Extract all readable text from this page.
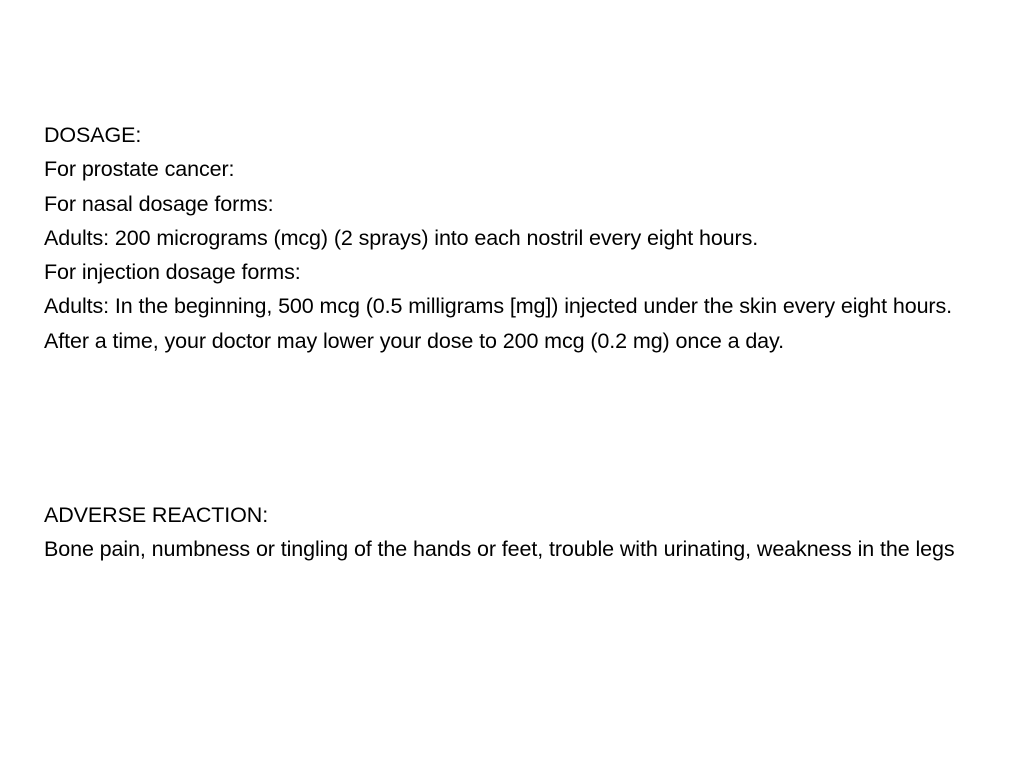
DOSAGE:
For prostate cancer:
For nasal dosage forms:
Adults: 200 micrograms (mcg) (2 sprays) into each nostril every eight hours.
For injection dosage forms:
Adults: In the beginning, 500 mcg (0.5 milligrams [mg]) injected under the skin every eight hours. After a time, your doctor may lower your dose to 200 mcg (0.2 mg) once a day.
ADVERSE REACTION:
Bone pain, numbness or tingling of the hands or feet, trouble with urinating, weakness in the legs
